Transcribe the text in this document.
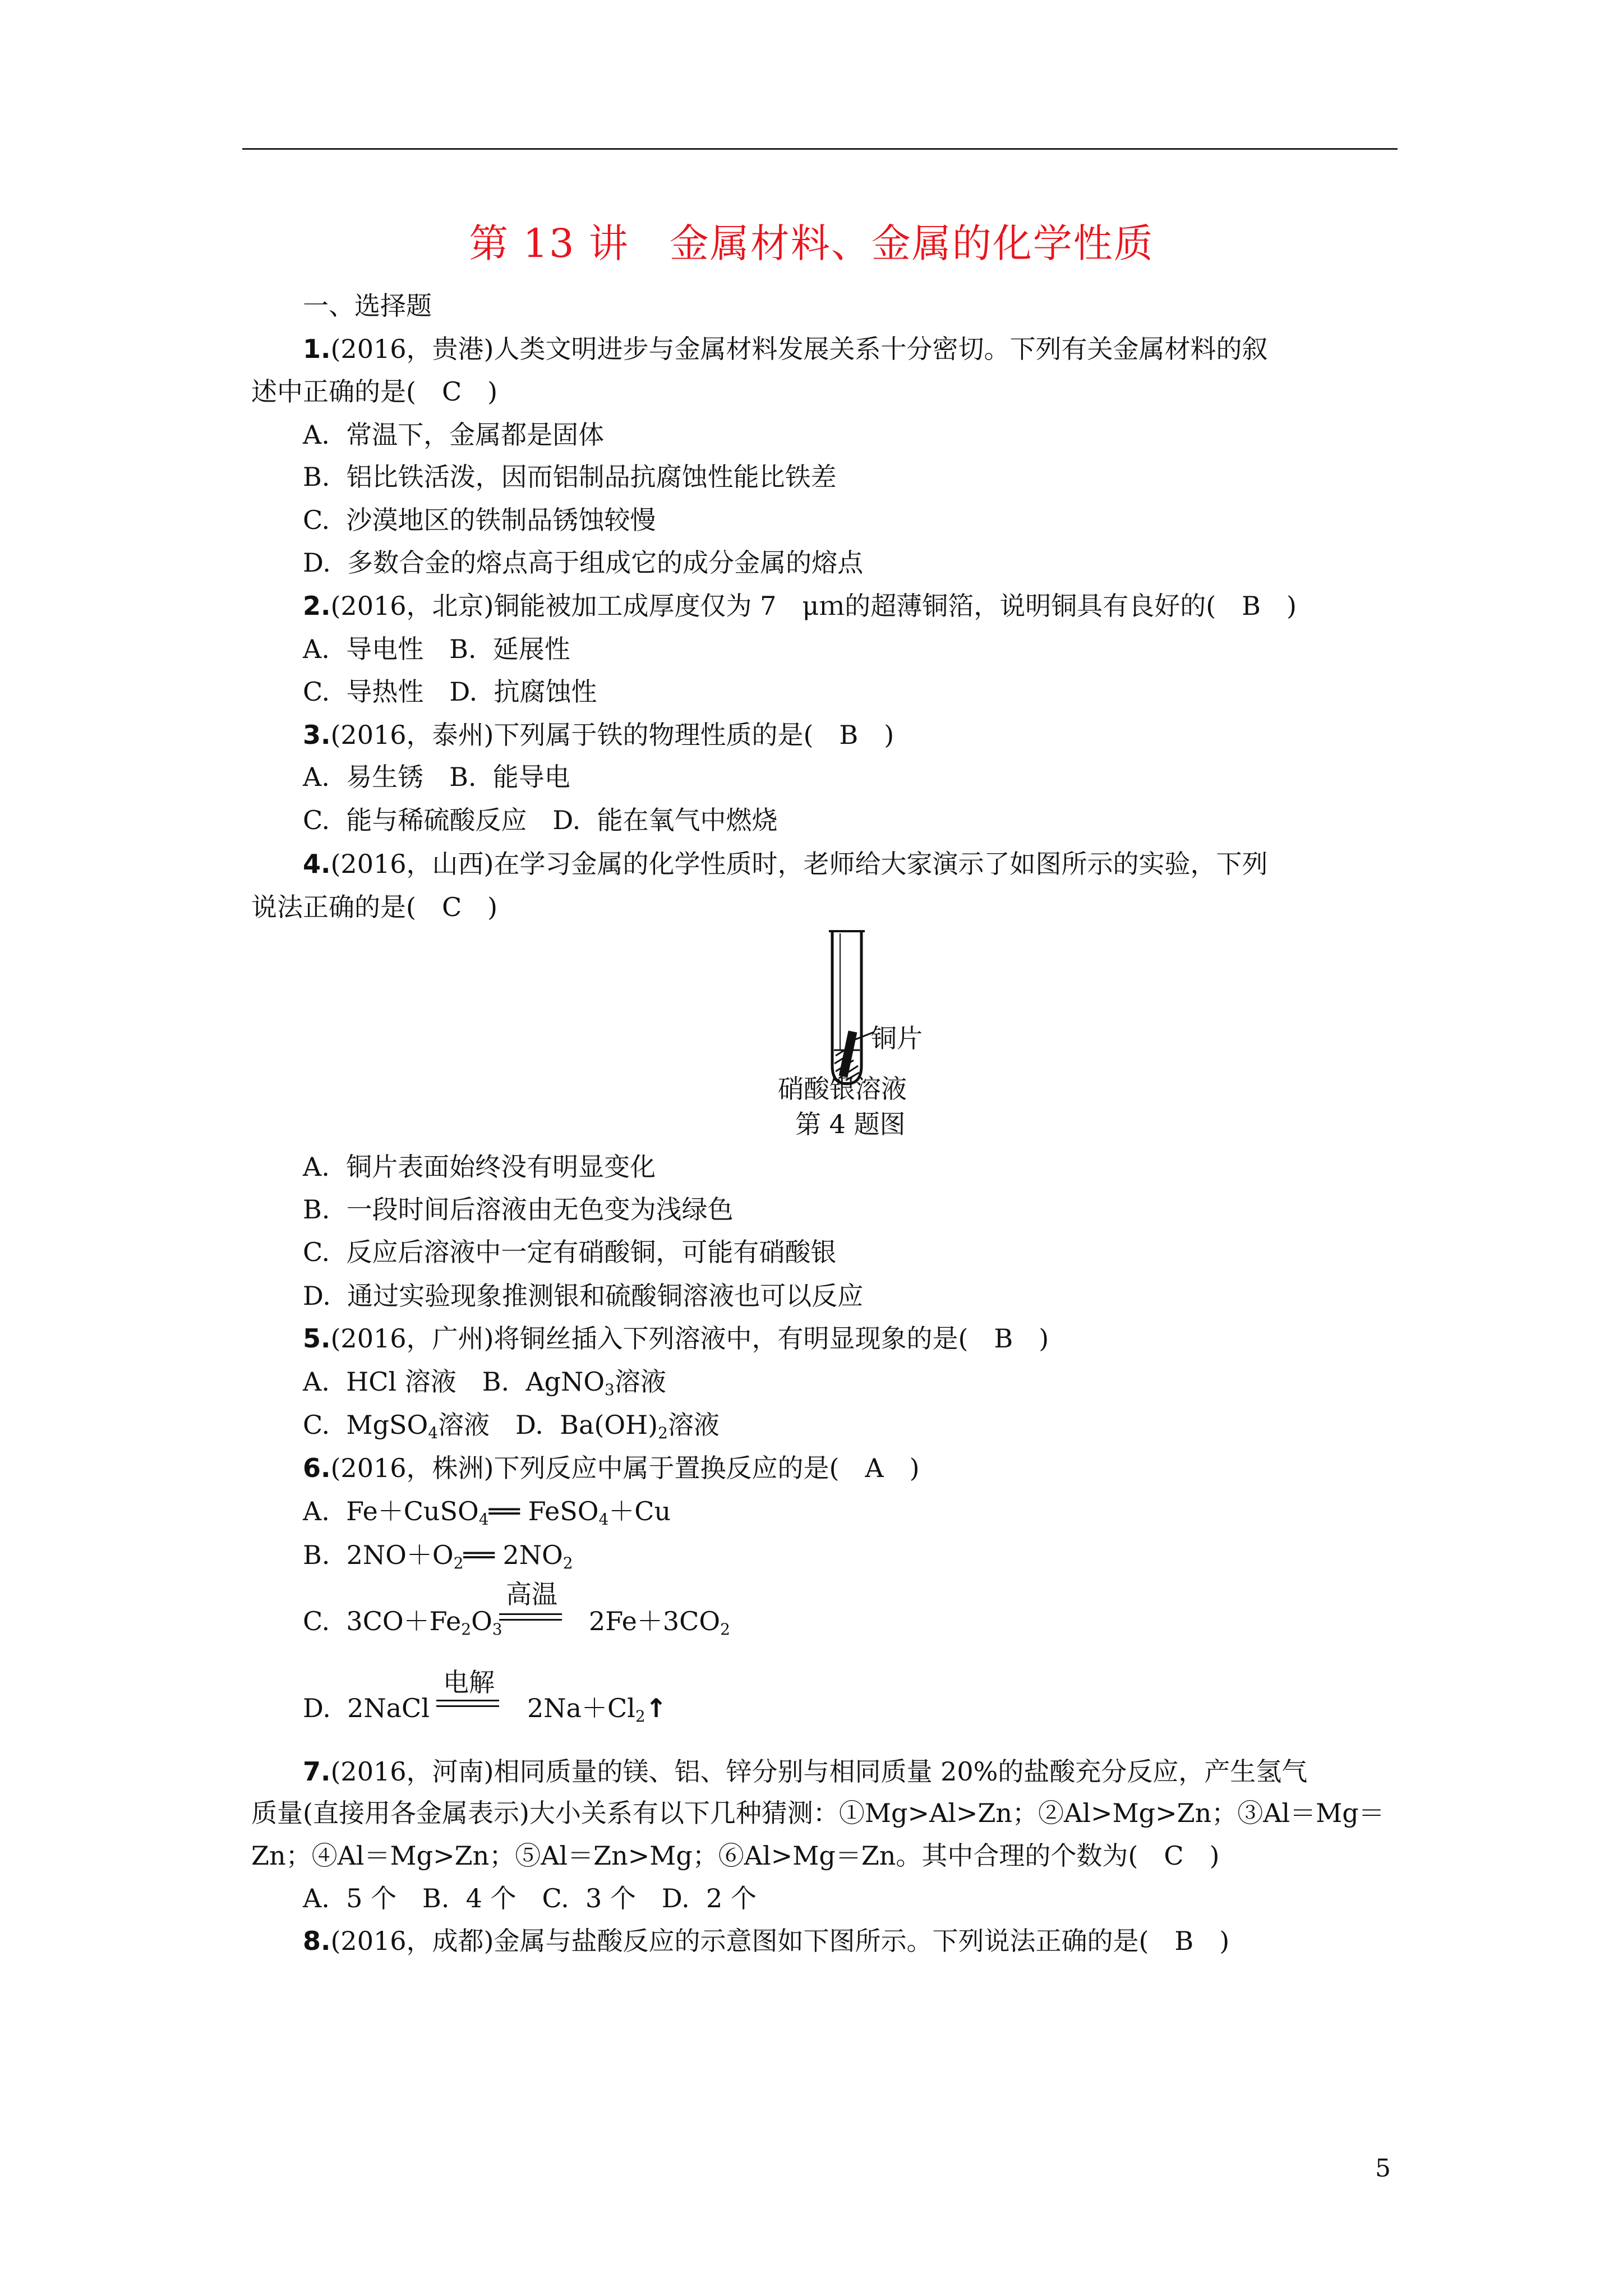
第 13 讲　金属材料、金属的化学性质
一、选择题
1.(2016，贵港)人类文明进步与金属材料发展关系十分密切。下列有关金属材料的叙
述中正确的是(　C　)
A.  常温下，金属都是固体
B.  铝比铁活泼，因而铝制品抗腐蚀性能比铁差
C.  沙漠地区的铁制品锈蚀较慢
D.  多数合金的熔点高于组成它的成分金属的熔点
2.(2016，北京)铜能被加工成厚度仅为 7　μｍ的超薄铜箔，说明铜具有良好的(　B　)
A.  导电性　B.  延展性
C.  导热性　D.  抗腐蚀性
3.(2016，泰州)下列属于铁的物理性质的是(　B　)
A.  易生锈　B.  能导电
C.  能与稀硫酸反应　D.  能在氧气中燃烧
4.(2016，山西)在学习金属的化学性质时，老师给大家演示了如图所示的实验，下列
说法正确的是(　C　)
铜片
硝酸银溶液
第 4 题图
A.  铜片表面始终没有明显变化
B.  一段时间后溶液由无色变为浅绿色
C.  反应后溶液中一定有硝酸铜，可能有硝酸银
D.  通过实验现象推测银和硫酸铜溶液也可以反应
5.(2016，广州)将铜丝插入下列溶液中，有明显现象的是(　B　)
A.  HCl 溶液　B.  AgNO$_3$溶液
C.  MgSO$_4$溶液　D.  $Ba(OH)_2$溶液
6.(2016，株洲)下列反应中属于置换反应的是(　A　)
A.  Fe＋CuSO$_4$══ FeSO$_4$＋Cu
B.  $2NO+O_2══$ $2NO_2$
C.  $3CO+Fe_2O_3$
高温
$2Fe+3CO_2$
D.  2NaCl
电解
$2Na+Cl_2↑$
7.(2016，河南)相同质量的镁、铝、锌分别与相同质量 20%的盐酸充分反应，产生氢气
质量(直接用各金属表示)大小关系有以下几种猜测：①Mg>Al>Zn；②Al>Mg>Zn；③Al＝Mg＝
Zn；④Al＝Mg>Zn；⑤Al＝Zn>Mg；⑥Al>Mg＝Zn。其中合理的个数为(　C　)
A.  5 个　B.  4 个　C.  3 个　D.  2 个
8.(2016，成都)金属与盐酸反应的示意图如下图所示。下列说法正确的是(　B　)
5
